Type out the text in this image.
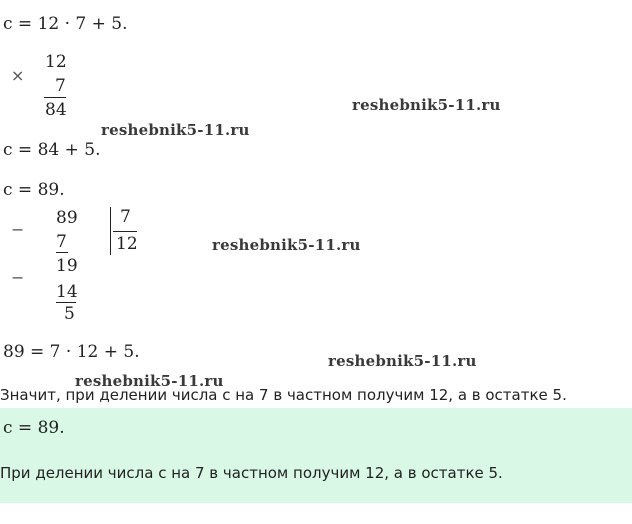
c = 12 · 7 + 5.
×
12
7
84	reshebnik5-11.ru
reshebnik5-11.ru
c = 84 + 5.
c = 89.
−
89
7
19
−
14
5
7
12	reshebnik5-11.ru
89 = 7 · 12 + 5.	reshebnik5-11.ru
reshebnik5-11.ru
Значит, при делении числа c на 7 в частном получим 12, а в остатке 5.
c = 89.
При делении числа c на 7 в частном получим 12, а в остатке 5.
